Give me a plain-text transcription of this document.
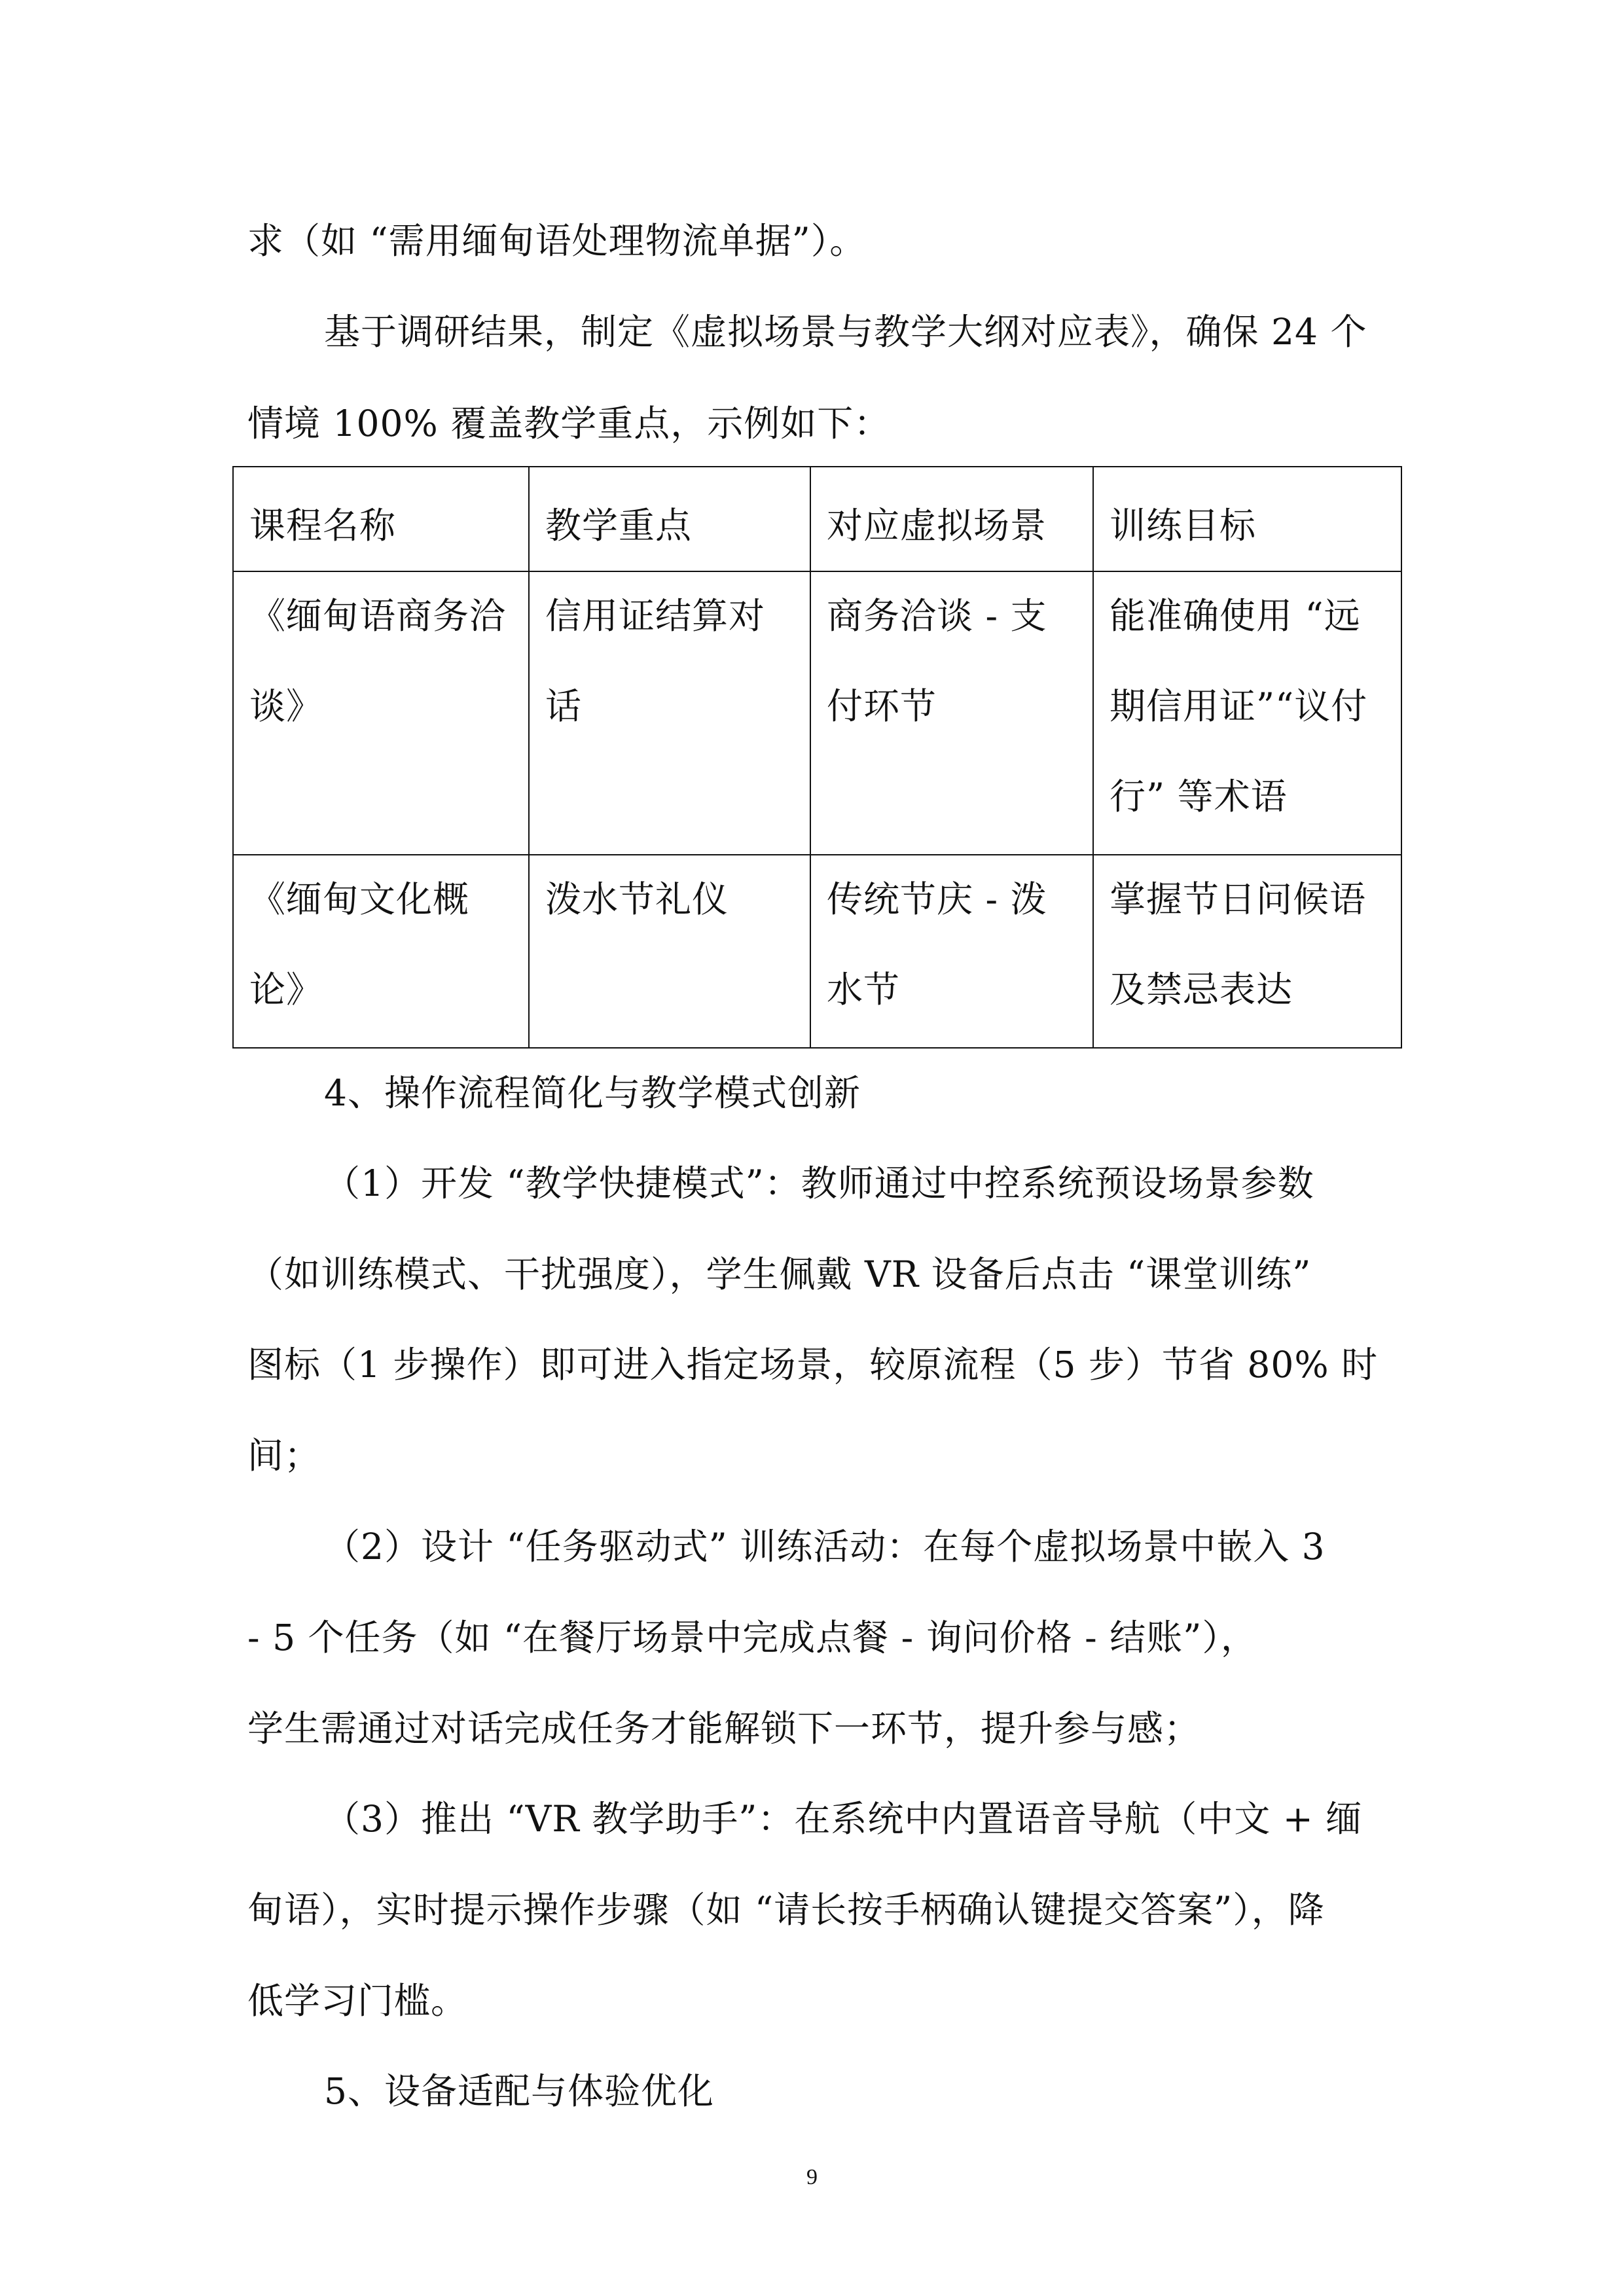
求（如 “需用缅甸语处理物流单据”）。
基于调研结果，制定《虚拟场景与教学大纲对应表》，确保 24 个
情境 100% 覆盖教学重点，示例如下：
课程名称	教学重点	对应虚拟场景	训练目标

《缅甸语商务洽谈》	信用证结算对话	商务洽谈 - 支付环节	能准确使用 “远期信用证”“议付行” 等术语

《缅甸文化概论》	泼水节礼仪	传统节庆 - 泼水节	掌握节日问候语及禁忌表达
4、操作流程简化与教学模式创新
（1）开发 “教学快捷模式”：教师通过中控系统预设场景参数
（如训练模式、干扰强度），学生佩戴 VR 设备后点击 “课堂训练”
图标（1 步操作）即可进入指定场景，较原流程（5 步）节省 80% 时
间；
（2）设计 “任务驱动式” 训练活动：在每个虚拟场景中嵌入 3
- 5 个任务（如 “在餐厅场景中完成点餐 - 询问价格 - 结账”），
学生需通过对话完成任务才能解锁下一环节，提升参与感；
（3）推出 “VR 教学助手”：在系统中内置语音导航（中文 + 缅
甸语），实时提示操作步骤（如 “请长按手柄确认键提交答案”），降
低学习门槛。
5、设备适配与体验优化
9
